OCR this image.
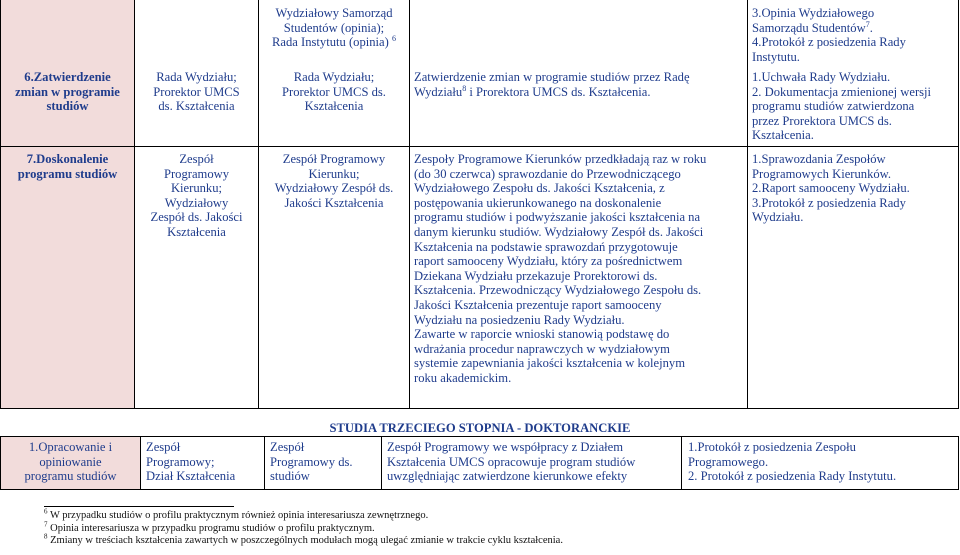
Wydziałowy Samorząd

Studentów (opinia);

Rada Instytutu (opinia) $^6$

3.Opinia Wydziałowego

Samorządu Studentów$^7$.

4.Protokół z posiedzenia Rady

Instytutu.

6.Zatwierdzenie

zmian w programie

studiów

Rada Wydziału;

Prorektor UMCS

ds. Kształcenia

Rada Wydziału;

Prorektor UMCS ds.

Kształcenia

Zatwierdzenie zmian w programie studiów przez Radę

Wydziału$^8$ i Prorektora UMCS ds. Kształcenia.

1.Uchwała Rady Wydziału.

2. Dokumentacja zmienionej wersji

programu studiów zatwierdzona

przez Prorektora UMCS ds.

Kształcenia.

7.Doskonalenie

programu studiów

Zespół

Programowy

Kierunku;

Wydziałowy

Zespół ds. Jakości

Kształcenia

Zespół Programowy

Kierunku;

Wydziałowy Zespół ds.

Jakości Kształcenia

Zespoły Programowe Kierunków przedkładają raz w roku

(do 30 czerwca) sprawozdanie do Przewodniczącego

Wydziałowego Zespołu ds. Jakości Kształcenia, z

postępowania ukierunkowanego na doskonalenie

programu studiów i podwyższanie jakości kształcenia na

danym kierunku studiów. Wydziałowy Zespół ds. Jakości

Kształcenia na podstawie sprawozdań przygotowuje

raport samooceny Wydziału, który za pośrednictwem

Dziekana Wydziału przekazuje Prorektorowi ds.

Kształcenia. Przewodniczący Wydziałowego Zespołu ds.

Jakości Kształcenia prezentuje raport samooceny

Wydziału na posiedzeniu Rady Wydziału.

Zawarte w raporcie wnioski stanowią podstawę do

wdrażania procedur naprawczych w wydziałowym

systemie zapewniania jakości kształcenia w kolejnym

roku akademickim.

1.Sprawozdania Zespołów

Programowych Kierunków.

2.Raport samooceny Wydziału.

3.Protokół z posiedzenia Rady

Wydziału.

STUDIA TRZECIEGO STOPNIA - DOKTORANCKIE

1.Opracowanie i

opiniowanie

programu studiów

Zespół

Programowy;

Dział Kształcenia

Zespół

Programowy ds.

studiów

Zespół Programowy we współpracy z Działem

Kształcenia UMCS opracowuje program studiów

uwzględniając zatwierdzone kierunkowe efekty

1.Protokół z posiedzenia Zespołu

Programowego.

2. Protokół z posiedzenia Rady Instytutu.

$^6$ W przypadku studiów o profilu praktycznym również opinia interesariusza zewnętrznego.

$^7$ Opinia interesariusza w przypadku programu studiów o profilu praktycznym.

$^8$ Zmiany w treściach kształcenia zawartych w poszczególnych modułach mogą ulegać zmianie w trakcie cyklu kształcenia.
